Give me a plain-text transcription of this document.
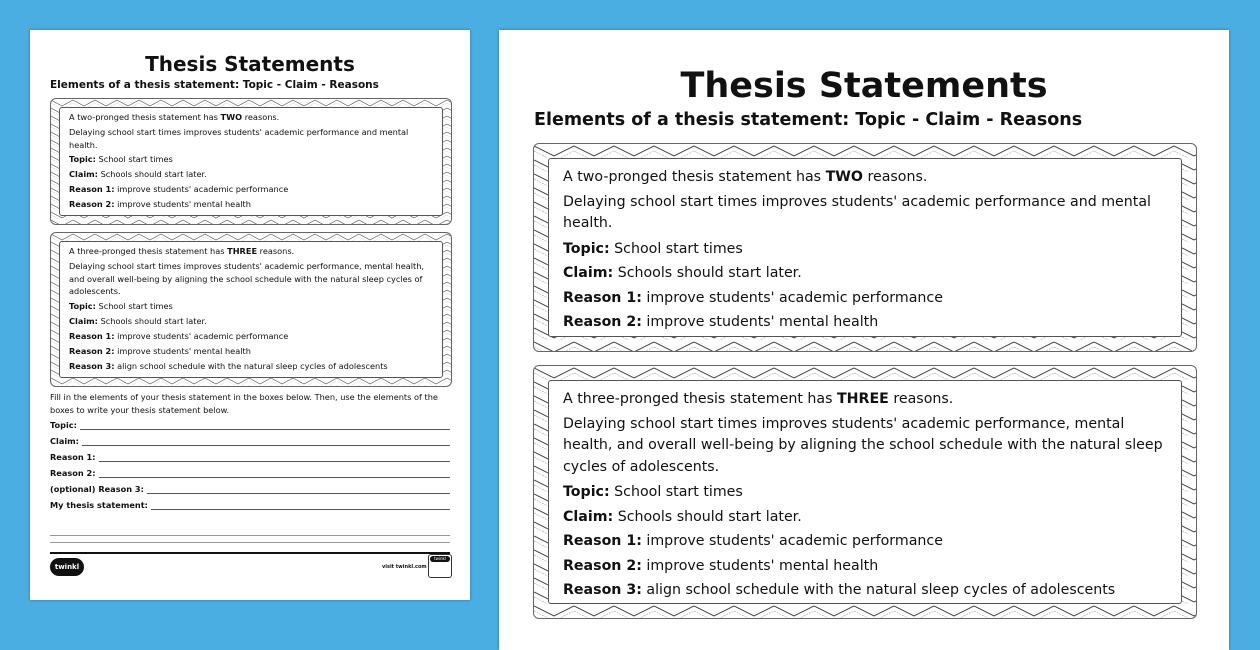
Thesis Statements
Elements of a thesis statement: Topic - Claim - Reasons

A two-pronged thesis statement has TWO reasons.

Delaying school start times improves students' academic performance and mental health.

Topic: School start times

Claim: Schools should start later.

Reason 1: improve students' academic performance

Reason 2: improve students' mental health

A three-pronged thesis statement has THREE reasons.

Delaying school start times improves students' academic performance, mental health, and overall well-being by aligning the school schedule with the natural sleep cycles of adolescents.

Topic: School start times

Claim: Schools should start later.

Reason 1: improve students' academic performance

Reason 2: improve students' mental health

Reason 3: align school schedule with the natural sleep cycles of adolescents

Fill in the elements of your thesis statement in the boxes below. Then, use the elements of the boxes to write your thesis statement below.
Topic:
Claim:
Reason 1:
Reason 2:
(optional) Reason 3:
My thesis statement:
twinkl	visit twinkl.com
twinkl
Thesis Statements
Elements of a thesis statement: Topic - Claim - Reasons

A two-pronged thesis statement has TWO reasons.

Delaying school start times improves students' academic performance and mental health.

Topic: School start times

Claim: Schools should start later.

Reason 1: improve students' academic performance

Reason 2: improve students' mental health

A three-pronged thesis statement has THREE reasons.

Delaying school start times improves students' academic performance, mental health, and overall well-being by aligning the school schedule with the natural sleep cycles of adolescents.

Topic: School start times

Claim: Schools should start later.

Reason 1: improve students' academic performance

Reason 2: improve students' mental health

Reason 3: align school schedule with the natural sleep cycles of adolescents
